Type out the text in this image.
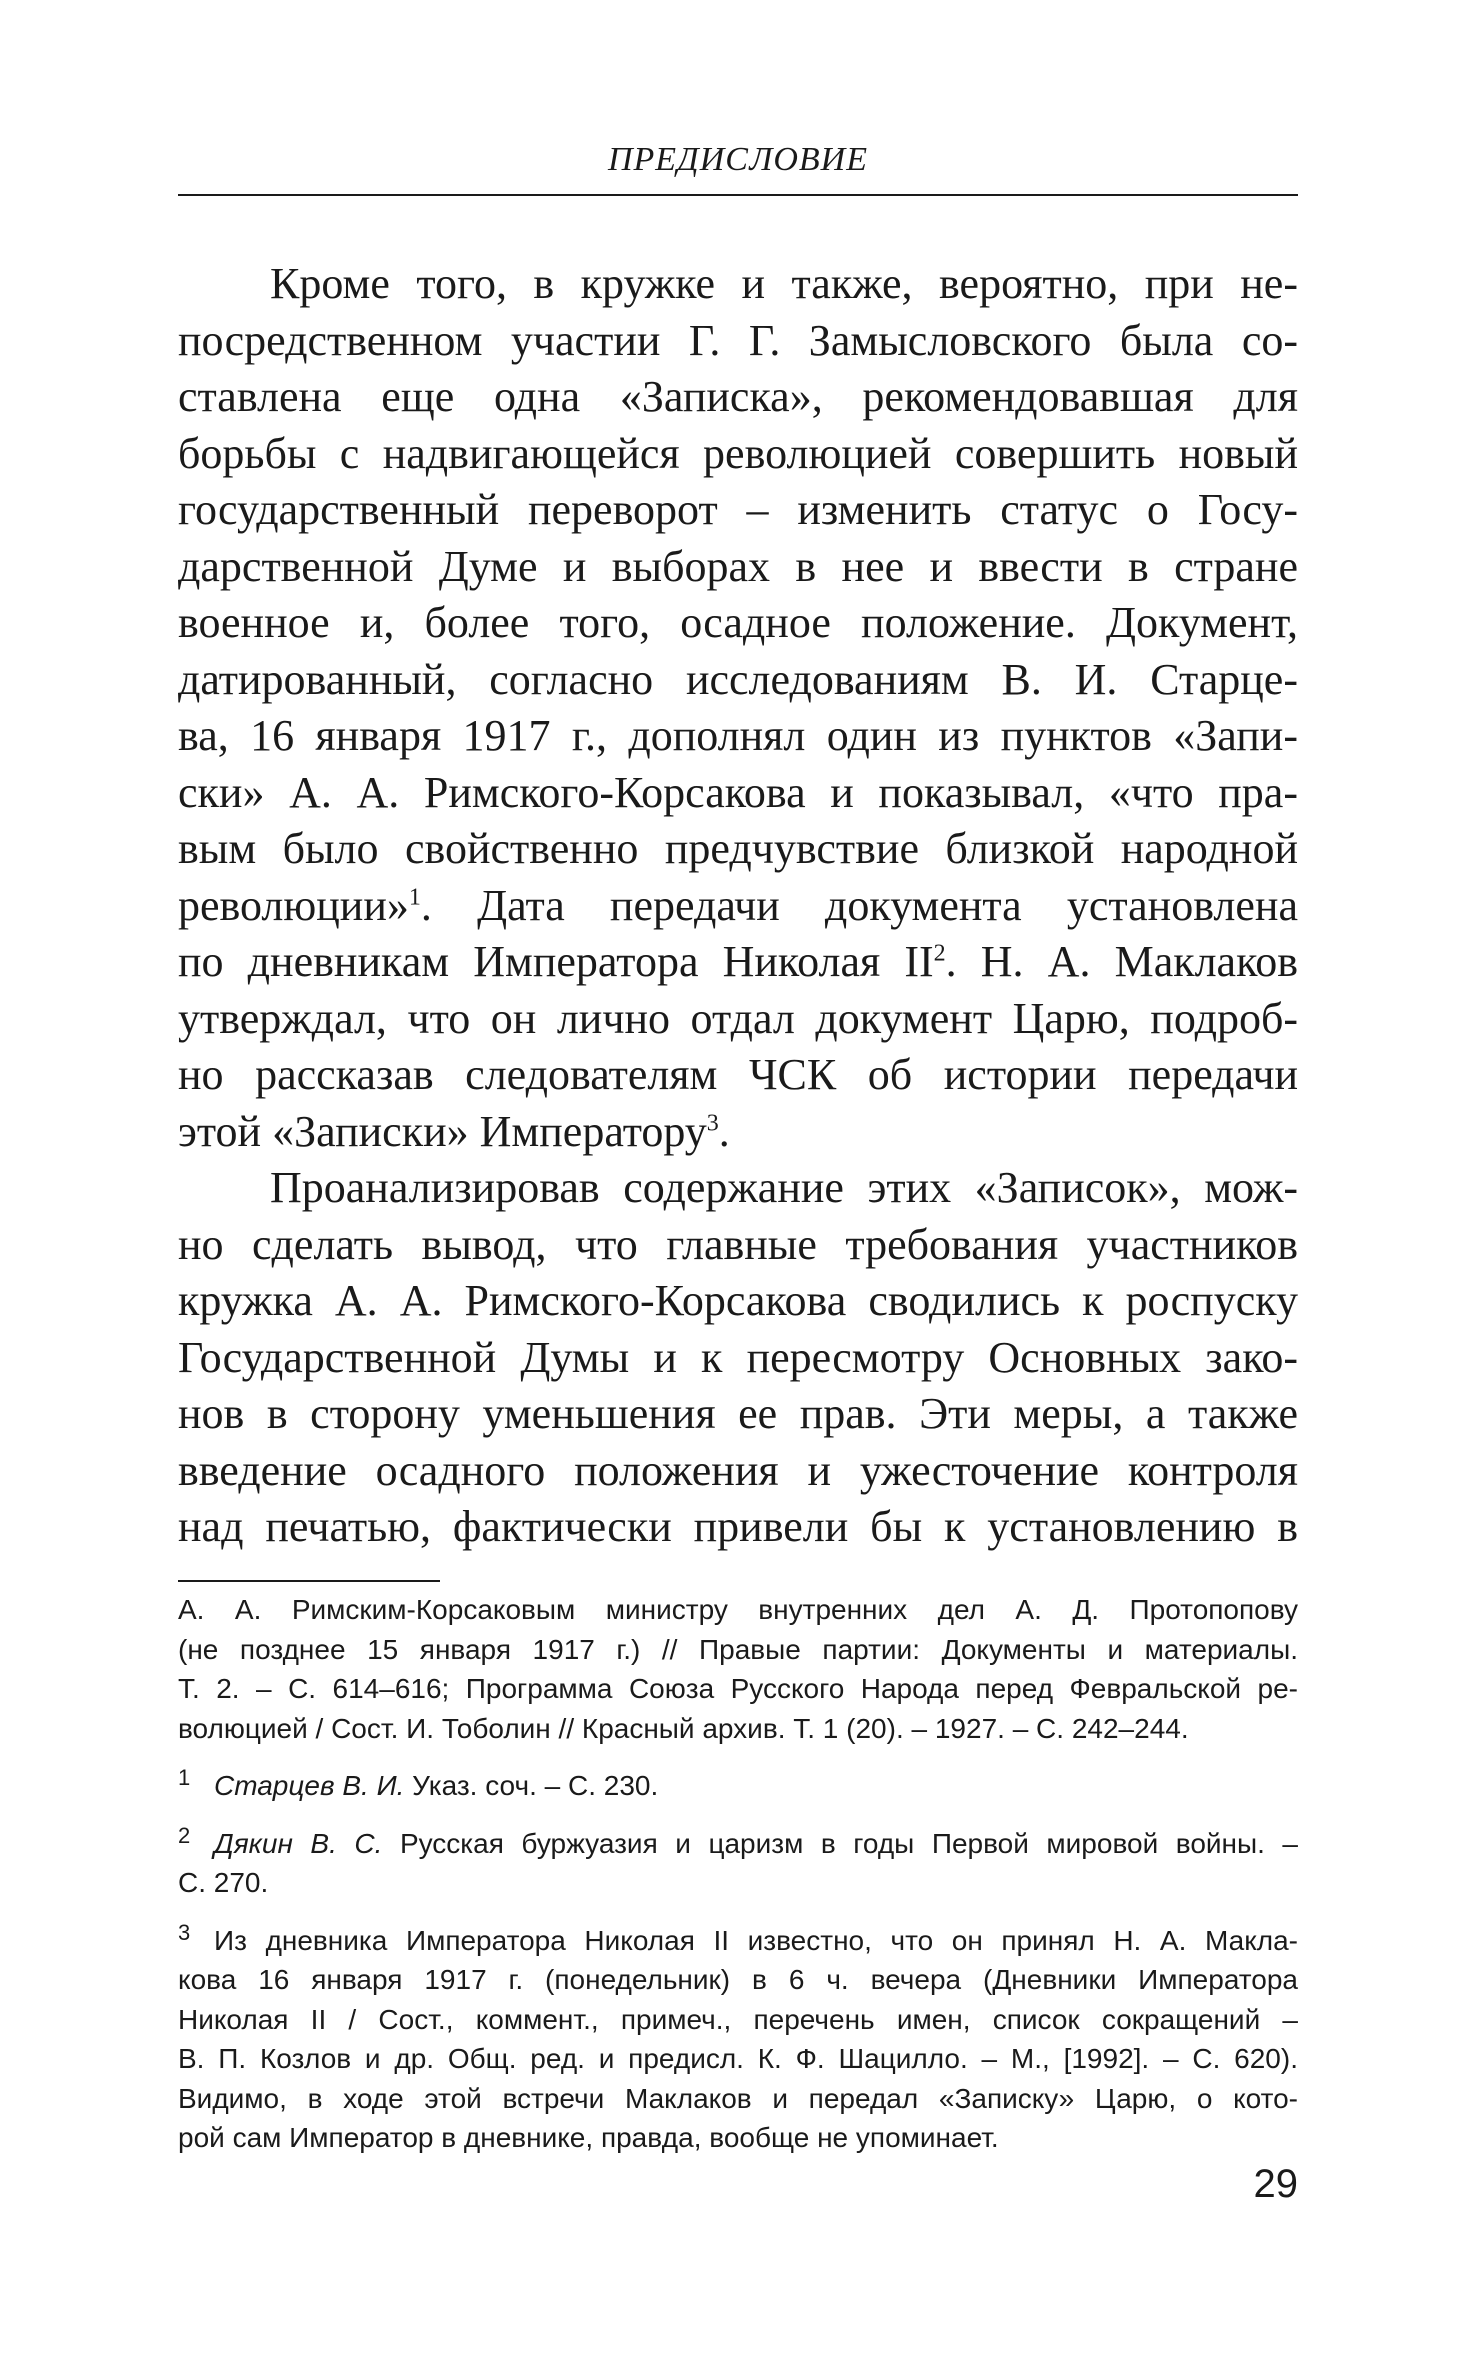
ПРЕДИСЛОВИЕ
Кроме того, в кружке и также, вероятно, при не-
посредственном участии Г. Г. Замысловского была со-
ставлена еще одна «Записка», рекомендовавшая для
борьбы с надвигающейся революцией совершить новый
государственный переворот – изменить статус о Госу-
дарственной Думе и выборах в нее и ввести в стране
военное и, более того, осадное положение. Документ,
датированный, согласно исследованиям В. И. Старце-
ва, 16 января 1917 г., дополнял один из пунктов «Запи-
ски» А. А. Римского-Корсакова и показывал, «что пра-
вым было свойственно предчувствие близкой народной
революции»$^1$. Дата передачи документа установлена
по дневникам Императора Николая II$^2$. Н. А. Маклаков
утверждал, что он лично отдал документ Царю, подроб-
но рассказав следователям ЧСК об истории передачи
этой «Записки» Императору$^3$.
Проанализировав содержание этих «Записок», мож-
но сделать вывод, что главные требования участников
кружка А. А. Римского-Корсакова сводились к роспуску
Государственной Думы и к пересмотру Основных зако-
нов в сторону уменьшения ее прав. Эти меры, а также
введение осадного положения и ужесточение контроля
над печатью, фактически привели бы к установлению в
А. А. Римским-Корсаковым министру внутренних дел А. Д. Протопопову
(не позднее 15 января 1917 г.) // Правые партии: Документы и материалы.
Т. 2. – С. 614–616; Программа Союза Русского Народа перед Февральской ре-
волюцией / Сост. И. Тоболин // Красный архив. Т. 1 (20). – 1927. – С. 242–244.
1 Старцев В. И. Указ. соч. – С. 230.
2 Дякин В. С. Русская буржуазия и царизм в годы Первой мировой войны. –
С. 270.
3 Из дневника Императора Николая II известно, что он принял Н. А. Макла-
кова 16 января 1917 г. (понедельник) в 6 ч. вечера (Дневники Императора
Николая II / Сост., коммент., примеч., перечень имен, список сокращений –
В. П. Козлов и др. Общ. ред. и предисл. К. Ф. Шацилло. – М., [1992]. – С. 620).
Видимо, в ходе этой встречи Маклаков и передал «Записку» Царю, о кото-
рой сам Император в дневнике, правда, вообще не упоминает.
29
